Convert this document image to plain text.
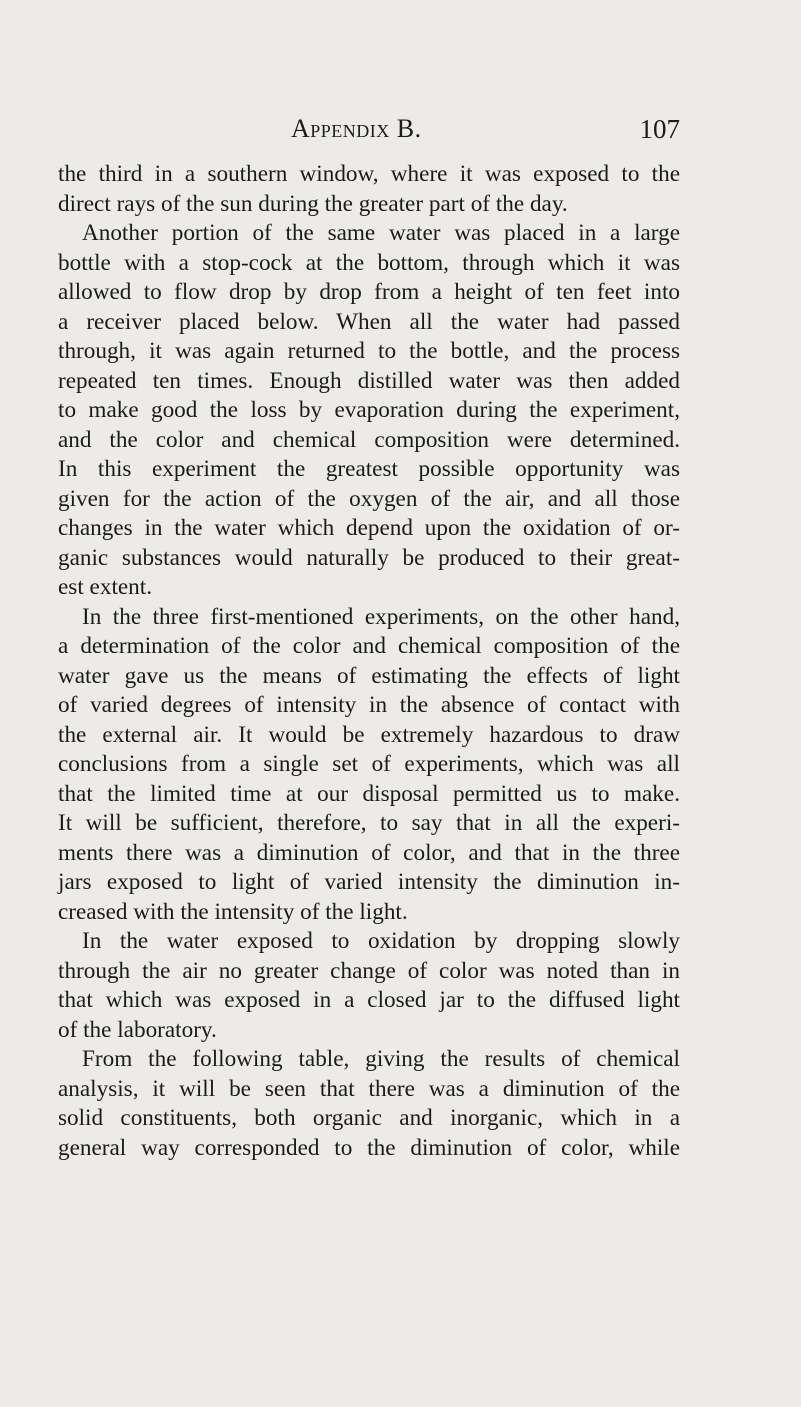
Appendix B.	107
the third in a southern window, where it was exposed to the
direct rays of the sun during the greater part of the day.
Another portion of the same water was placed in a large
bottle with a stop-cock at the bottom, through which it was
allowed to flow drop by drop from a height of ten feet into
a receiver placed below. When all the water had passed
through, it was again returned to the bottle, and the process
repeated ten times. Enough distilled water was then added
to make good the loss by evaporation during the experiment,
and the color and chemical composition were determined.
In this experiment the greatest possible opportunity was
given for the action of the oxygen of the air, and all those
changes in the water which depend upon the oxidation of or-
ganic substances would naturally be produced to their great-
est extent.
In the three first-mentioned experiments, on the other hand,
a determination of the color and chemical composition of the
water gave us the means of estimating the effects of light
of varied degrees of intensity in the absence of contact with
the external air. It would be extremely hazardous to draw
conclusions from a single set of experiments, which was all
that the limited time at our disposal permitted us to make.
It will be sufficient, therefore, to say that in all the experi-
ments there was a diminution of color, and that in the three
jars exposed to light of varied intensity the diminution in-
creased with the intensity of the light.
In the water exposed to oxidation by dropping slowly
through the air no greater change of color was noted than in
that which was exposed in a closed jar to the diffused light
of the laboratory.
From the following table, giving the results of chemical
analysis, it will be seen that there was a diminution of the
solid constituents, both organic and inorganic, which in a
general way corresponded to the diminution of color, while
